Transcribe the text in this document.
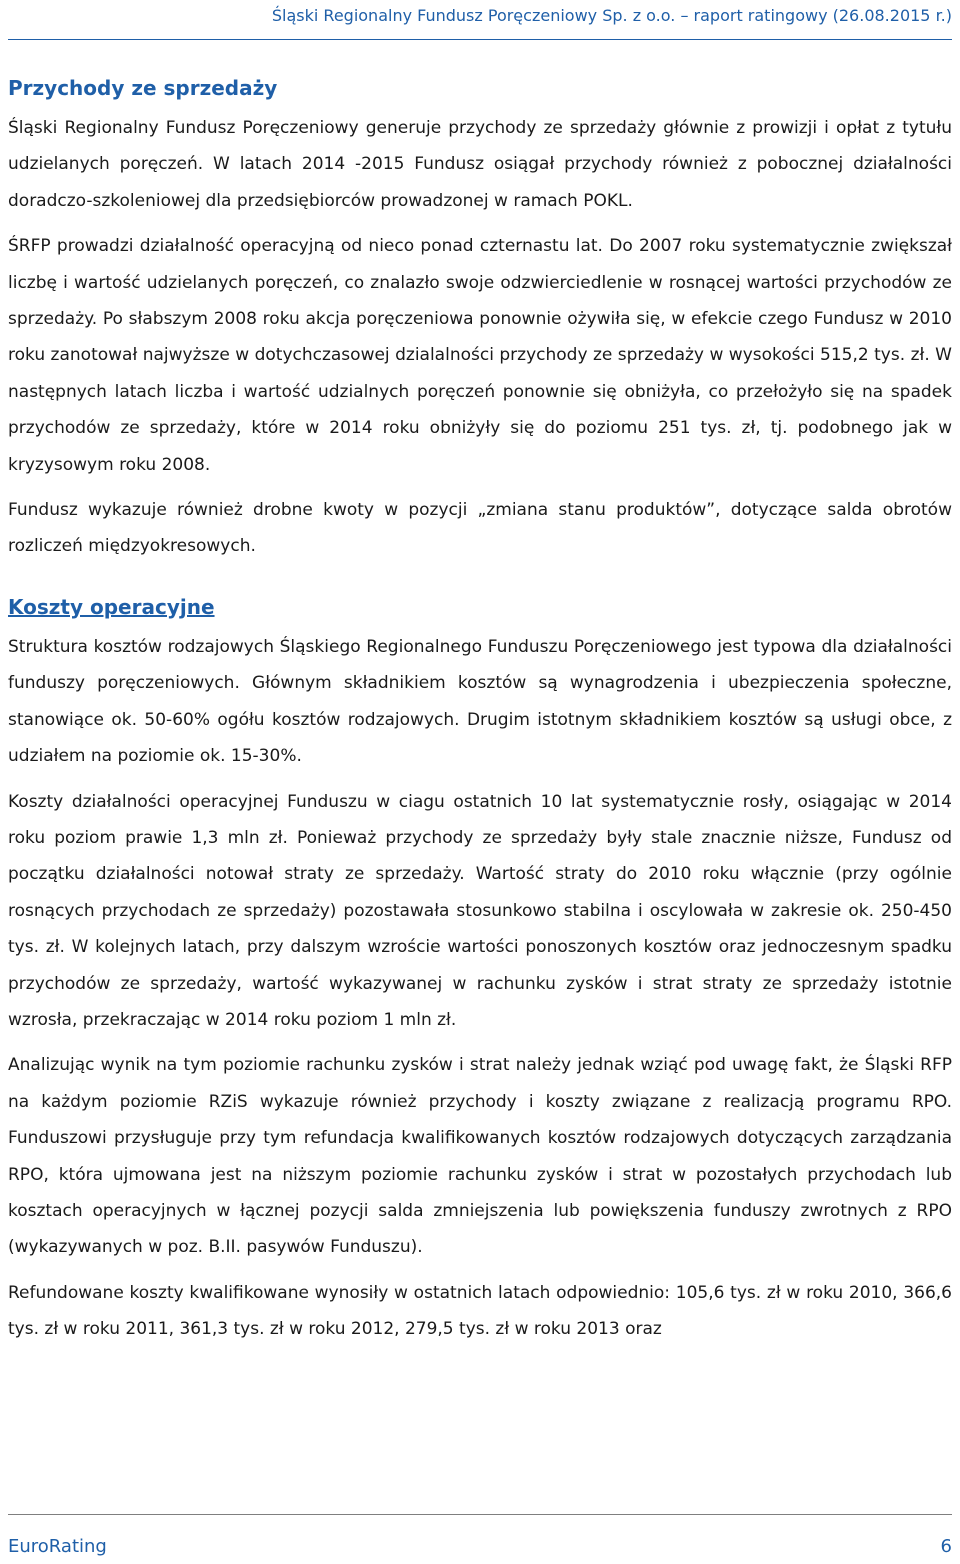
Śląski Regionalny Fundusz Poręczeniowy Sp. z o.o. – raport ratingowy (26.08.2015 r.)
Przychody ze sprzedaży

Śląski Regionalny Fundusz Poręczeniowy generuje przychody ze sprzedaży głównie z prowizji i opłat z tytułu udzielanych poręczeń. W latach 2014 -2015 Fundusz osiągał przychody również z pobocznej działalności doradczo-szkoleniowej dla przedsiębiorców prowadzonej w ramach POKL.

ŚRFP prowadzi działalność operacyjną od nieco ponad czternastu lat. Do 2007 roku systematycznie zwiększał liczbę i wartość udzielanych poręczeń, co znalazło swoje odzwierciedlenie w rosnącej wartości przychodów ze sprzedaży. Po słabszym 2008 roku akcja poręczeniowa ponownie ożywiła się, w efekcie czego Fundusz w 2010 roku zanotował najwyższe w dotychczasowej dzialalności przychody ze sprzedaży w wysokości 515,2 tys. zł. W następnych latach liczba i wartość udzialnych poręczeń ponownie się obniżyła, co przełożyło się na spadek przychodów ze sprzedaży, które w 2014 roku obniżyły się do poziomu 251 tys. zł, tj. podobnego jak w kryzysowym roku 2008.

Fundusz wykazuje również drobne kwoty w pozycji „zmiana stanu produktów”, dotyczące salda obrotów rozliczeń międzyokresowych.

Koszty operacyjne

Struktura kosztów rodzajowych Śląskiego Regionalnego Funduszu Poręczeniowego jest typowa dla działalności funduszy poręczeniowych. Głównym składnikiem kosztów są wynagrodzenia i ubezpieczenia społeczne, stanowiące ok. 50-60% ogółu kosztów rodzajowych. Drugim istotnym składnikiem kosztów są usługi obce, z udziałem na poziomie ok. 15-30%.

Koszty działalności operacyjnej Funduszu w ciagu ostatnich 10 lat systematycznie rosły, osiągając w 2014 roku poziom prawie 1,3 mln zł. Ponieważ przychody ze sprzedaży były stale znacznie niższe, Fundusz od początku działalności notował straty ze sprzedaży. Wartość straty do 2010 roku włącznie (przy ogólnie rosnących przychodach ze sprzedaży) pozostawała stosunkowo stabilna i oscylowała w zakresie ok. 250-450 tys. zł. W kolejnych latach, przy dalszym wzroście wartości ponoszonych kosztów oraz jednoczesnym spadku przychodów ze sprzedaży, wartość wykazywanej w rachunku zysków i strat straty ze sprzedaży istotnie wzrosła, przekraczając w 2014 roku poziom 1 mln zł.

Analizując wynik na tym poziomie rachunku zysków i strat należy jednak wziąć pod uwagę fakt, że Śląski RFP na każdym poziomie RZiS wykazuje również przychody i koszty związane z realizacją programu RPO. Funduszowi przysługuje przy tym refundacja kwalifikowanych kosztów rodzajowych dotyczących zarządzania RPO, która ujmowana jest na niższym poziomie rachunku zysków i strat w pozostałych przychodach lub kosztach operacyjnych w łącznej pozycji salda zmniejszenia lub powiększenia funduszy zwrotnych z RPO (wykazywanych w poz. B.II. pasywów Funduszu).

Refundowane koszty kwalifikowane wynosiły w ostatnich latach odpowiednio: 105,6 tys. zł w roku 2010, 366,6 tys. zł w roku 2011, 361,3 tys. zł w roku 2012, 279,5 tys. zł w roku 2013 oraz

EuroRating	6
